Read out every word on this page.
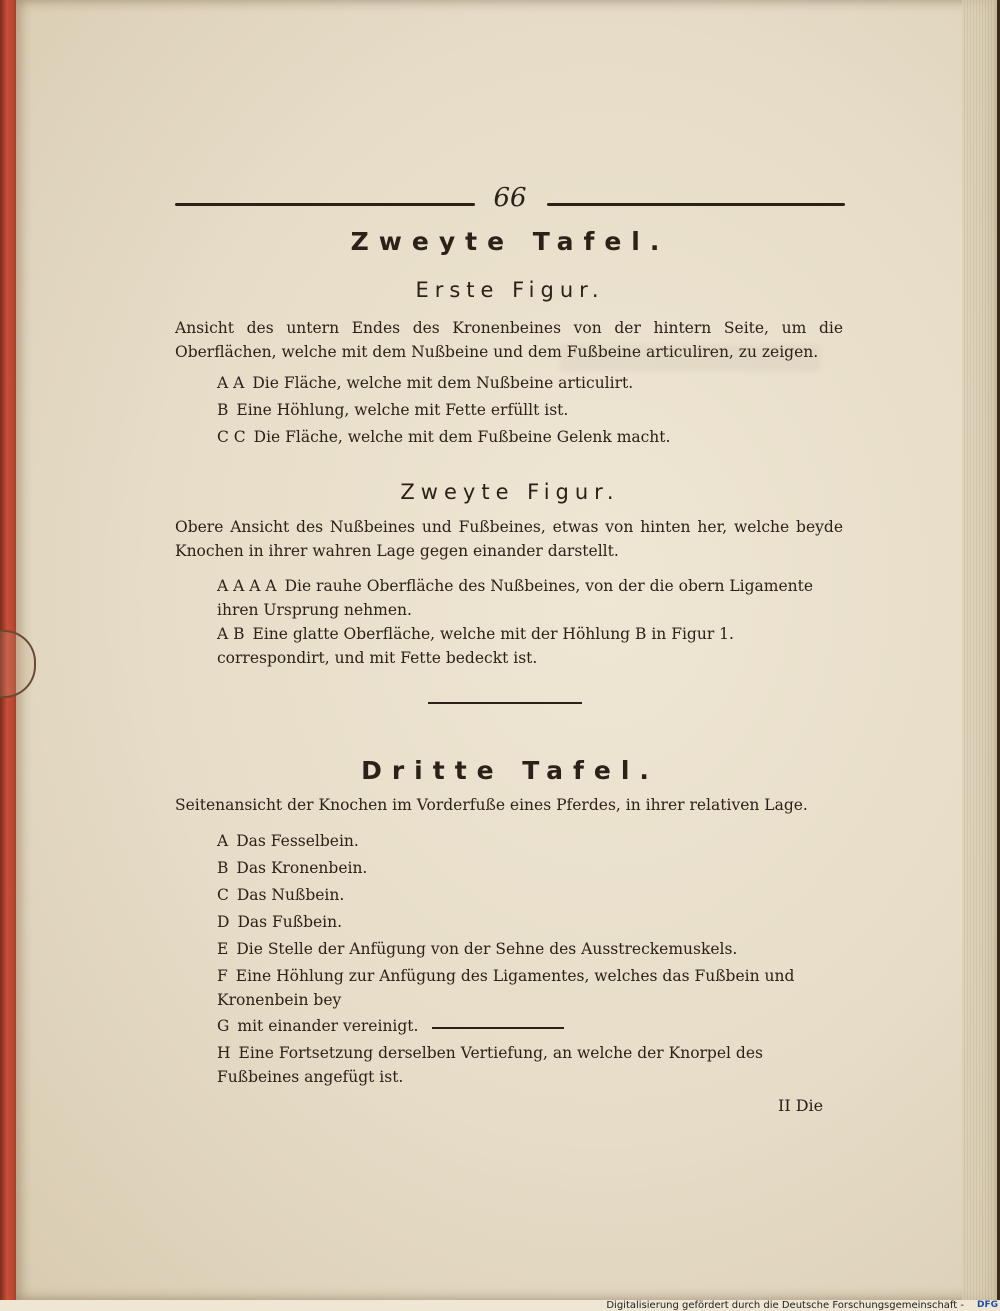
66
Zweyte Tafel.
Erste Figur.
Ansicht des untern Endes des Kronenbeines von der hintern Seite, um die Oberflächen, welche mit dem Nußbeine und dem Fußbeine articuliren, zu zeigen.
A A Die Fläche, welche mit dem Nußbeine articulirt.
B Eine Höhlung, welche mit Fette erfüllt ist.
C C Die Fläche, welche mit dem Fußbeine Gelenk macht.
Zweyte Figur.
Obere Ansicht des Nußbeines und Fußbeines, etwas von hinten her, welche beyde Knochen in ihrer wahren Lage gegen einander darstellt.
A A A A Die rauhe Oberfläche des Nußbeines, von der die obern Ligamente ihren Ursprung nehmen.
A B Eine glatte Oberfläche, welche mit der Höhlung B in Figur 1. correspondirt, und mit Fette bedeckt ist.
Dritte Tafel.
Seitenansicht der Knochen im Vorderfuße eines Pferdes, in ihrer relativen Lage.
A Das Fesselbein.
B Das Kronenbein.
C Das Nußbein.
D Das Fußbein.
E Die Stelle der Anfügung von der Sehne des Ausstreckemuskels.
F Eine Höhlung zur Anfügung des Ligamentes, welches das Fußbein und Kronenbein bey
G mit einander vereinigt.
H Eine Fortsetzung derselben Vertiefung, an welche der Knorpel des Fußbeines angefügt ist.
II Die
Digitalisierung gefördert durch die Deutsche Forschungsgemeinschaft - DFG
